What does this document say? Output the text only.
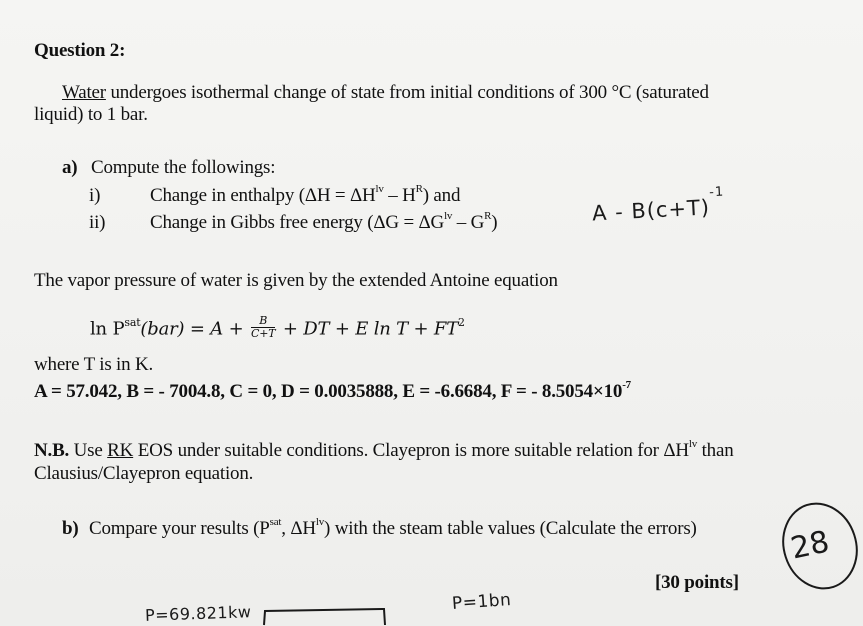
Question 2:
Water undergoes isothermal change of state from initial conditions of 300 °C (saturated
liquid) to 1 bar.
a) Compute the followings:
i)	Change in enthalpy $(\Delta H = \Delta H^{lv} - H^R)$ and
ii) Change in Gibbs free energy $(\Delta G = \Delta G^{lv} - G^R)$	$A - B(c+T)^{-1}$
The vapor pressure of water is given by the extended Antoine equation
$\ln P^{sat}(bar) = A + \frac{B}{C+T}$ + DT + E $\ln T + FT^2$
where T is in K.
A = 57.042, B = - 7004.8, C = 0, D = 0.0035888, E = -6.6684, F = - $8.5054\times 10^{-7}$
N.B. Use RK EOS under suitable conditions. Clayepron is more suitable relation for $\Delta H^{lv}$ than
Clausius/Clayepron equation.
b) Compare your results ($P^{sat}$, $\Delta H^{lv}$) with the steam table values (Calculate the errors)
[30 points]
28
P=69.821kw	P=1bn
